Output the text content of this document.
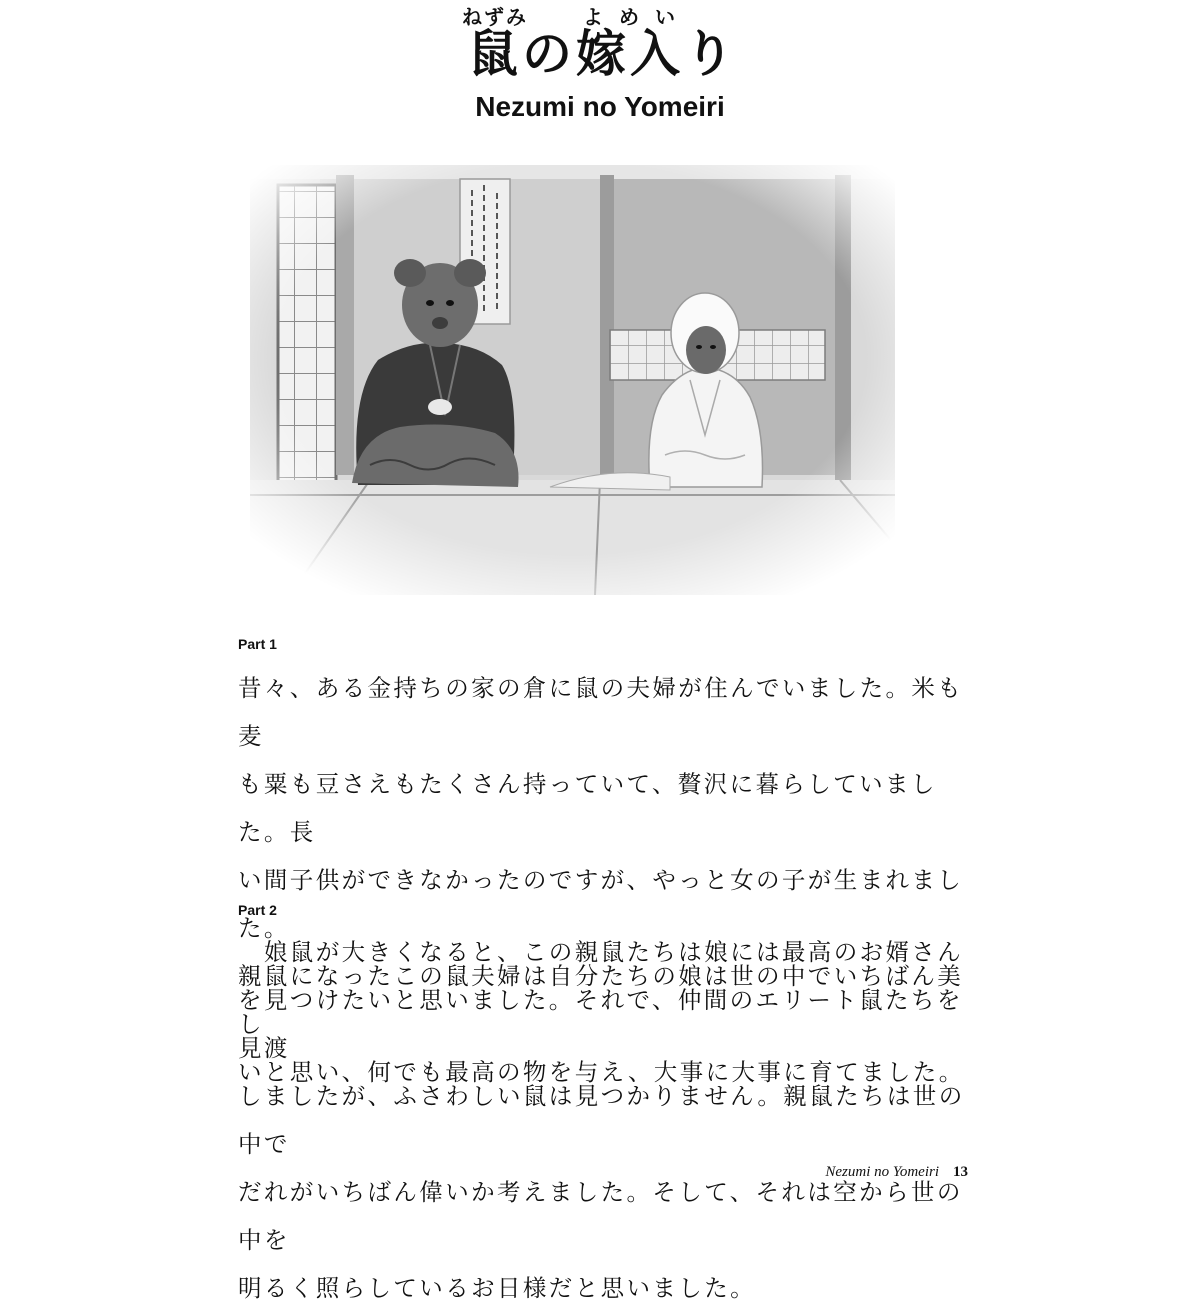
鼠ねずみの嫁入よめいり
Nezumi no Yomeiri
Part 1

昔々、ある金持ちの家の倉に鼠の夫婦が住んでいました。米も麦
も粟も豆さえもたくさん持っていて、贅沢に暮らしていました。長
い間子供ができなかったのですが、やっと女の子が生まれました。
親鼠になったこの鼠夫婦は自分たちの娘は世の中でいちばん美し
いと思い、何でも最高の物を与え、大事に大事に育てました。

Part 2

　娘鼠が大きくなると、この親鼠たちは娘には最高のお婿さん
を見つけたいと思いました。それで、仲間のエリート鼠たちを見渡
しましたが、ふさわしい鼠は見つかりません。親鼠たちは世の中で
だれがいちばん偉いか考えました。そして、それは空から世の中を
明るく照らしているお日様だと思いました。

Nezumi no Yomeiri 13
